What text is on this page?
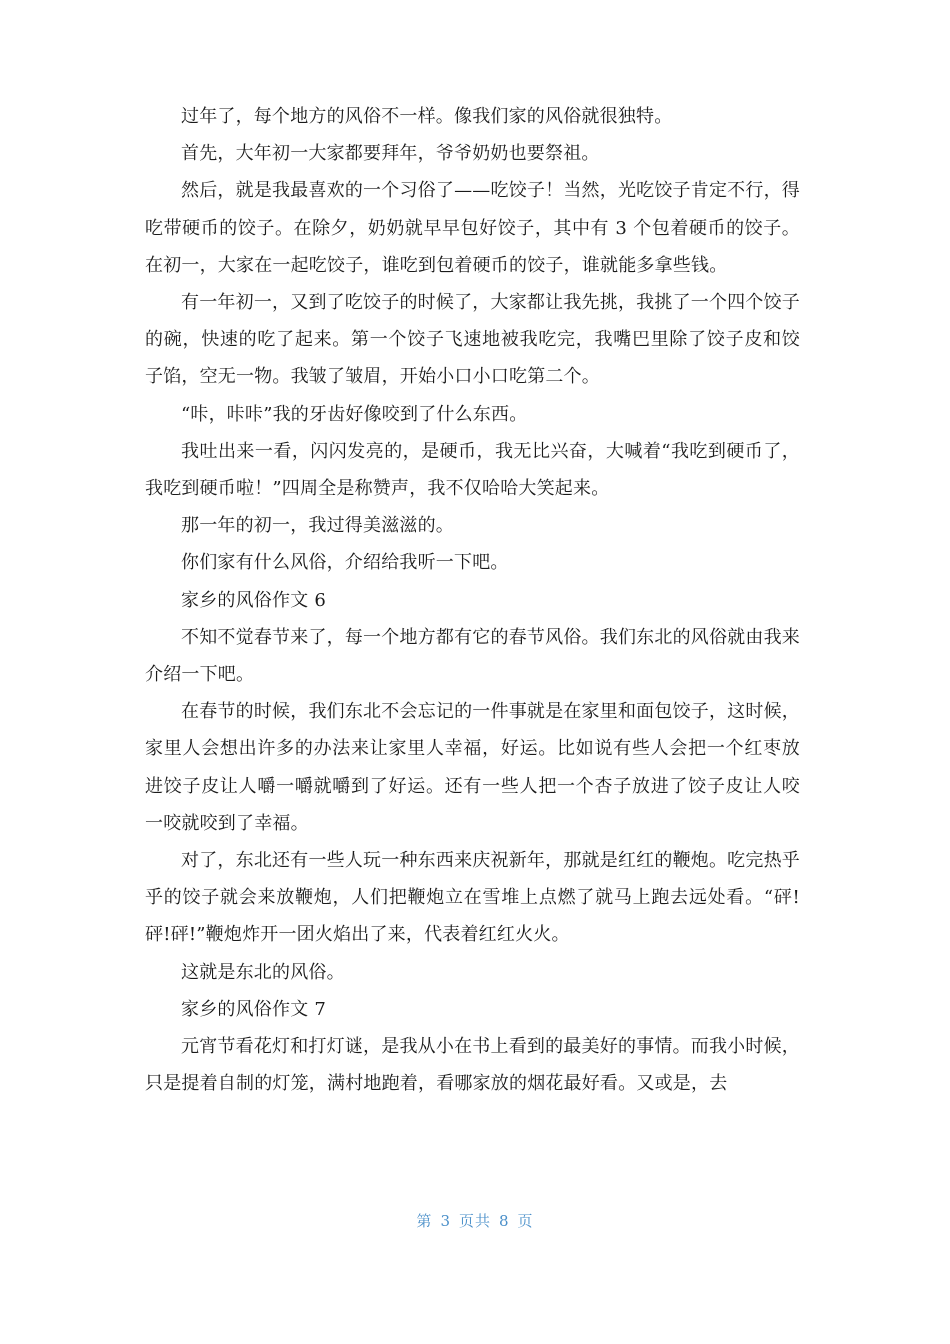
过年了，每个地方的风俗不一样。像我们家的风俗就很独特。

首先，大年初一大家都要拜年，爷爷奶奶也要祭祖。

然后，就是我最喜欢的一个习俗了——吃饺子！当然，光吃饺子肯定不行，得吃带硬币的饺子。在除夕，奶奶就早早包好饺子，其中有 3 个包着硬币的饺子。在初一，大家在一起吃饺子，谁吃到包着硬币的饺子，谁就能多拿些钱。

有一年初一，又到了吃饺子的时候了，大家都让我先挑，我挑了一个四个饺子的碗，快速的吃了起来。第一个饺子飞速地被我吃完，我嘴巴里除了饺子皮和饺子馅，空无一物。我皱了皱眉，开始小口小口吃第二个。

“咔，咔咔”我的牙齿好像咬到了什么东西。

我吐出来一看，闪闪发亮的，是硬币，我无比兴奋，大喊着“我吃到硬币了，我吃到硬币啦！”四周全是称赞声，我不仅哈哈大笑起来。

那一年的初一，我过得美滋滋的。

你们家有什么风俗，介绍给我听一下吧。

家乡的风俗作文 6

不知不觉春节来了，每一个地方都有它的春节风俗。我们东北的风俗就由我来介绍一下吧。

在春节的时候，我们东北不会忘记的一件事就是在家里和面包饺子，这时候，家里人会想出许多的办法来让家里人幸福，好运。比如说有些人会把一个红枣放进饺子皮让人嚼一嚼就嚼到了好运。还有一些人把一个杏子放进了饺子皮让人咬一咬就咬到了幸福。

对了，东北还有一些人玩一种东西来庆祝新年，那就是红红的鞭炮。吃完热乎乎的饺子就会来放鞭炮，人们把鞭炮立在雪堆上点燃了就马上跑去远处看。“砰!砰!砰!”鞭炮炸开一团火焰出了来，代表着红红火火。

这就是东北的风俗。

家乡的风俗作文 7

元宵节看花灯和打灯谜，是我从小在书上看到的最美好的事情。而我小时候，只是提着自制的灯笼，满村地跑着，看哪家放的烟花最好看。又或是，去

第 3 页共 8 页
